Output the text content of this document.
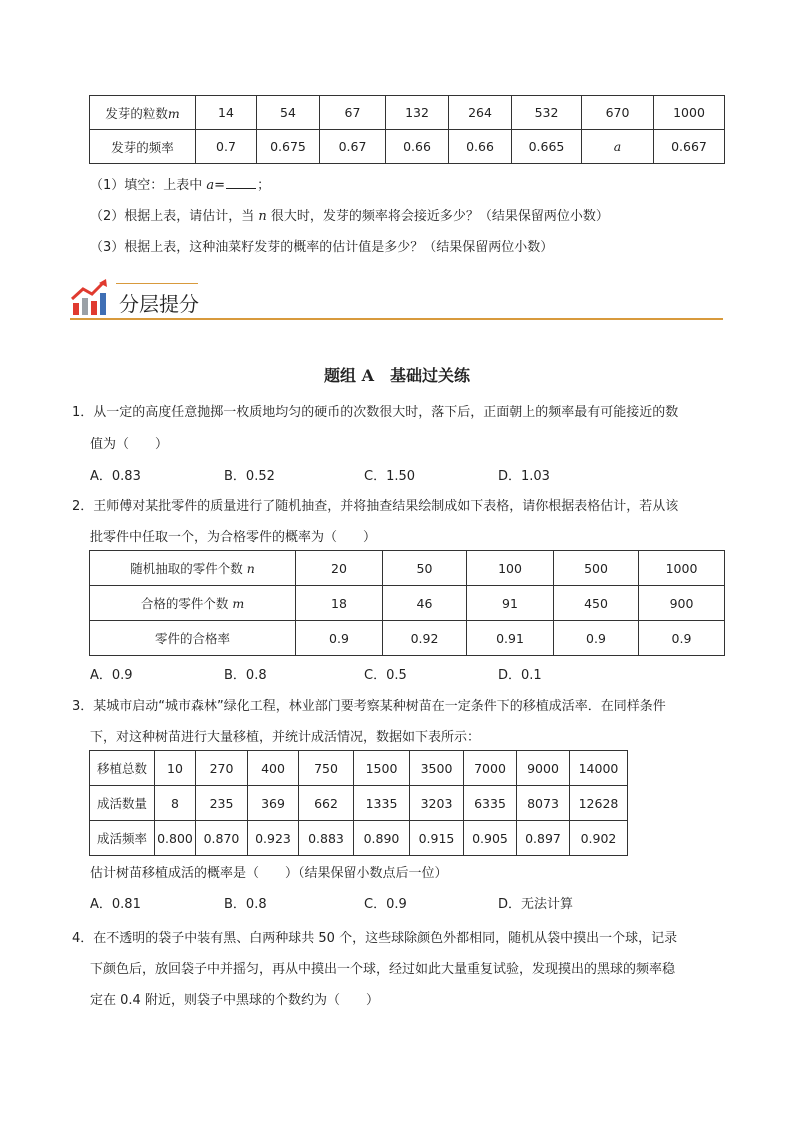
发芽的粒数m	14	54	67	132	264	532	670	1000
发芽的频率	0.7	0.675	0.67	0.66	0.66	0.665	a	0.667
（1）填空：上表中 a= ；
（2）根据上表，请估计，当 n 很大时，发芽的频率将会接近多少？（结果保留两位小数）
（3）根据上表，这种油菜籽发芽的概率的估计值是多少？（结果保留两位小数）
分层提分
题组 A　基础过关练
1．从一定的高度任意抛掷一枚质地均匀的硬币的次数很大时，落下后，正面朝上的频率最有可能接近的数
值为（　　）
A．0.83	B．0.52	C．1.50	D．1.03
2．王师傅对某批零件的质量进行了随机抽查，并将抽查结果绘制成如下表格，请你根据表格估计，若从该
批零件中任取一个，为合格零件的概率为（　　）
随机抽取的零件个数 n	20	50	100	500	1000
合格的零件个数 m	18	46	91	450	900
零件的合格率	0.9	0.92	0.91	0.9	0.9
A．0.9	B．0.8	C．0.5	D．0.1
3．某城市启动“城市森林”绿化工程，林业部门要考察某种树苗在一定条件下的移植成活率．在同样条件
下，对这种树苗进行大量移植，并统计成活情况，数据如下表所示：
移植总数	10	270	400	750	1500	3500	7000	9000	14000
成活数量	8	235	369	662	1335	3203	6335	8073	12628
成活频率	0.800	0.870	0.923	0.883	0.890	0.915	0.905	0.897	0.902
估计树苗移植成活的概率是（　　）（结果保留小数点后一位）
A．0.81	B．0.8	C．0.9	D．无法计算
4．在不透明的袋子中装有黑、白两种球共 50 个，这些球除颜色外都相同，随机从袋中摸出一个球，记录
下颜色后，放回袋子中并摇匀，再从中摸出一个球，经过如此大量重复试验，发现摸出的黑球的频率稳
定在 0.4 附近，则袋子中黑球的个数约为（　　）
